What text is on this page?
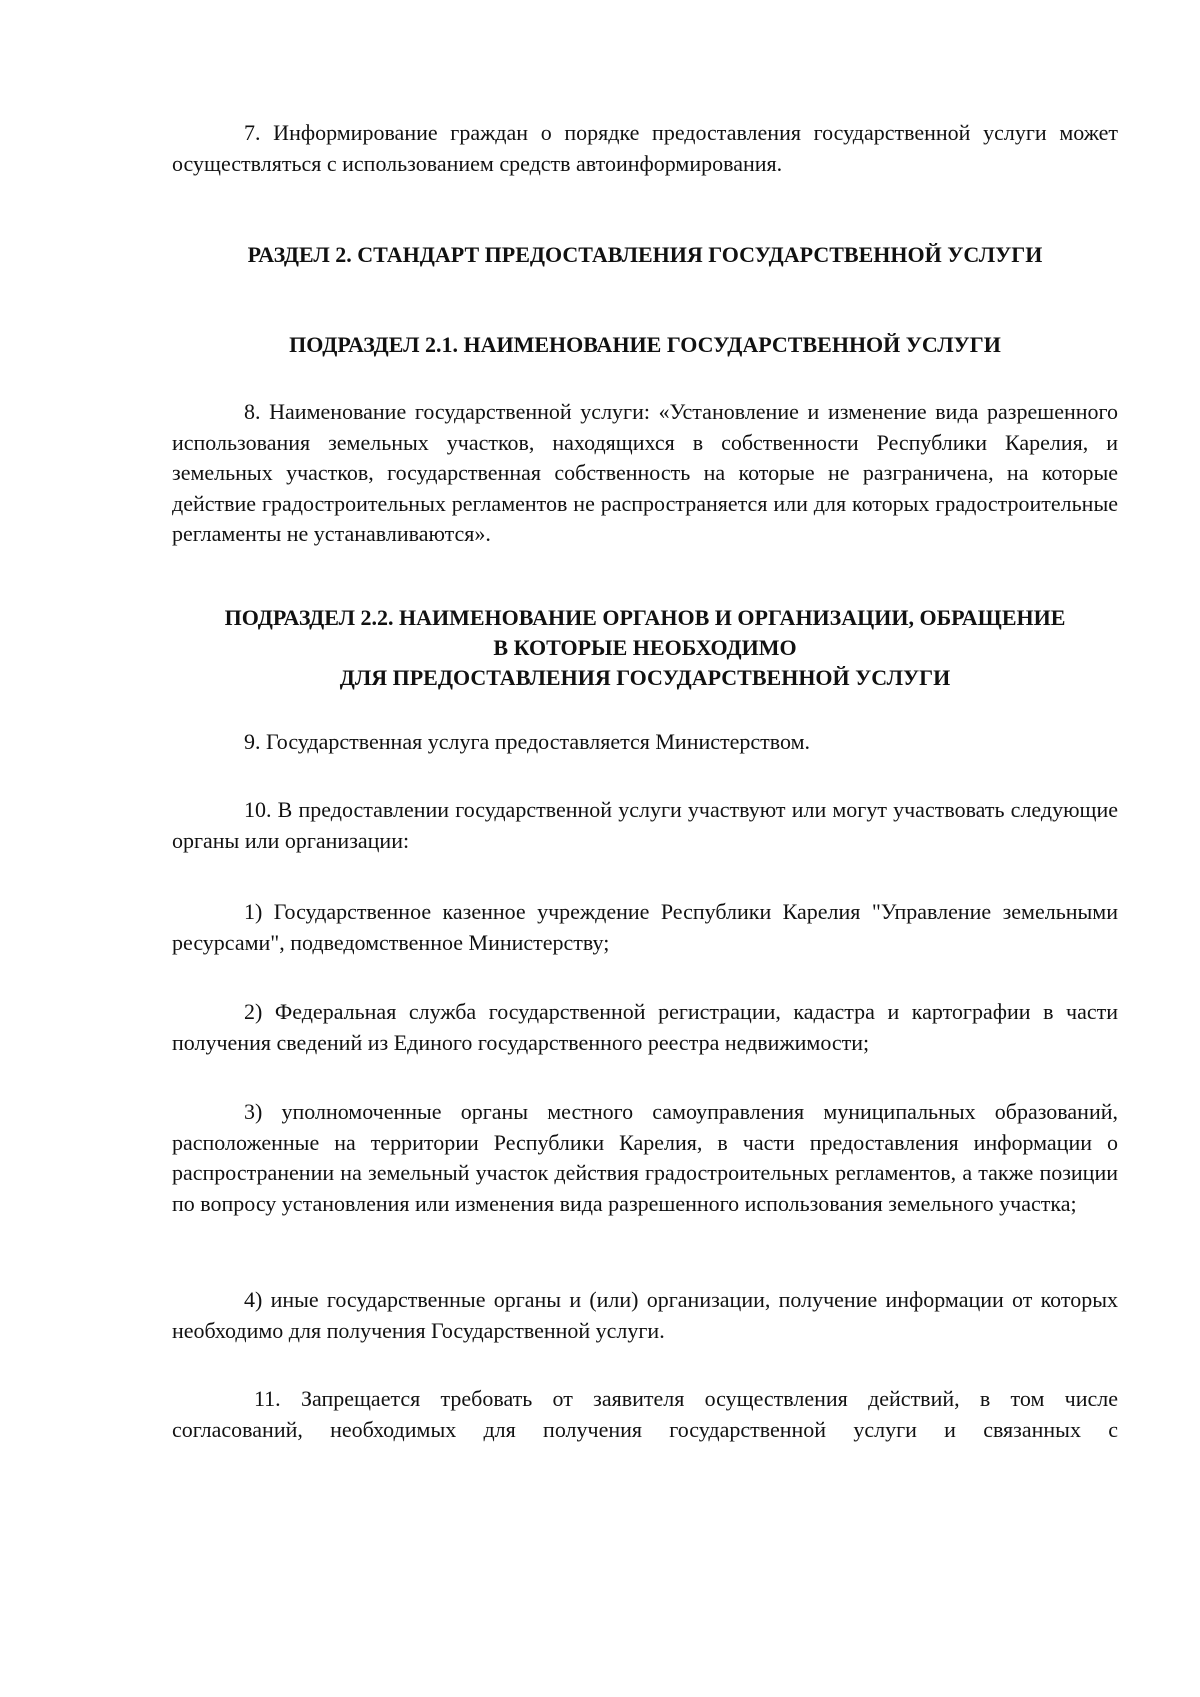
7. Информирование граждан о порядке предоставления государственной услуги может осуществляться с использованием средств автоинформирования.

РАЗДЕЛ 2. СТАНДАРТ ПРЕДОСТАВЛЕНИЯ ГОСУДАРСТВЕННОЙ УСЛУГИ
ПОДРАЗДЕЛ 2.1. НАИМЕНОВАНИЕ ГОСУДАРСТВЕННОЙ УСЛУГИ

8. Наименование государственной услуги: «Установление и изменение вида разрешенного использования земельных участков, находящихся в собственности Республики Карелия, и земельных участков, государственная собственность на которые не разграничена, на которые действие градостроительных регламентов не распространяется или для которых градостроительные регламенты не устанавливаются».

ПОДРАЗДЕЛ 2.2. НАИМЕНОВАНИЕ ОРГАНОВ И ОРГАНИЗАЦИИ, ОБРАЩЕНИЕ
В КОТОРЫЕ НЕОБХОДИМО
ДЛЯ ПРЕДОСТАВЛЕНИЯ ГОСУДАРСТВЕННОЙ УСЛУГИ

9. Государственная услуга предоставляется Министерством.

10. В предоставлении государственной услуги участвуют или могут участвовать следующие органы или организации:

1) Государственное казенное учреждение Республики Карелия "Управление земельными ресурсами", подведомственное Министерству;

2) Федеральная служба государственной регистрации, кадастра и картографии в части получения сведений из Единого государственного реестра недвижимости;

3) уполномоченные органы местного самоуправления муниципальных образований, расположенные на территории Республики Карелия, в части предоставления информации о распространении на земельный участок действия градостроительных регламентов, а также позиции по вопросу установления или изменения вида разрешенного использования земельного участка;

4) иные государственные органы и (или) организации, получение информации от которых необходимо для получения Государственной услуги.

11. Запрещается требовать от заявителя осуществления действий, в том числе согласований, необходимых для получения государственной услуги и связанных с
